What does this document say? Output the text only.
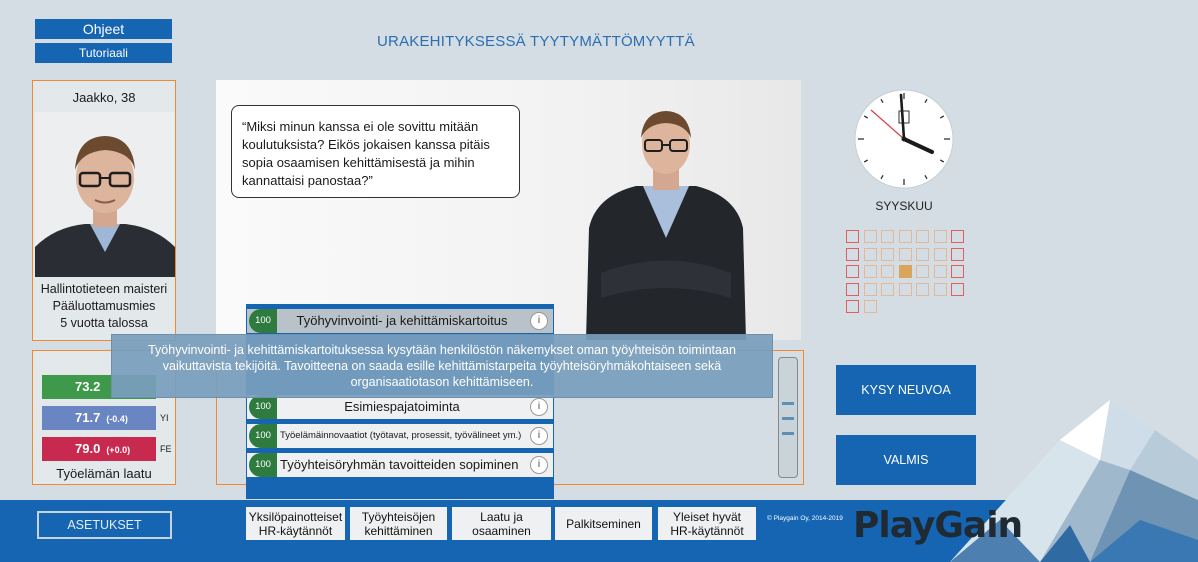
Ohjeet
Tutoriaali
URAKEHITYKSESSÄ TYYTYMÄTTÖMYYTTÄ
Jaakko, 38
Hallintotieteen maisteri
Pääluottamusmies
5 vuotta talossa
73.2
71.7 (-0.4)	YI
79.0 (+0.0)	FE
Työelämän laatu
“Miksi minun kanssa ei ole sovittu mitään koulutuksista? Eikös jokaisen kanssa pitäis sopia osaamisen kehittämisestä ja mihin kannattaisi panostaa?”
100	Työhyvinvointi- ja kehittämiskartoitus	i
100	Esimiespajatoiminta	i
100 Työelämäinnovaatiot (työtavat, prosessit, työvälineet ym.)	i
100 Työyhteisöryhmän tavoitteiden sopiminen	i
Työhyvinvointi- ja kehittämiskartoituksessa kysytään henkilöstön näkemykset oman työyhteisön toimintaan vaikuttavista tekijöitä. Tavoitteena on saada esille kehittämistarpeita työyhteisöryhmäkohtaiseen sekä organisaatiotason kehittämiseen.
SYYSKUU
KYSY NEUVOA
VALMIS
ASETUKSET
Yksilöpainotteiset
HR-käytännöt
Työyhteisöjen
kehittäminen
Laatu ja
osaaminen	Palkitseminen	Yleiset hyvät
HR-käytännöt
© Playgain Oy, 2014-2019 PlayGain
